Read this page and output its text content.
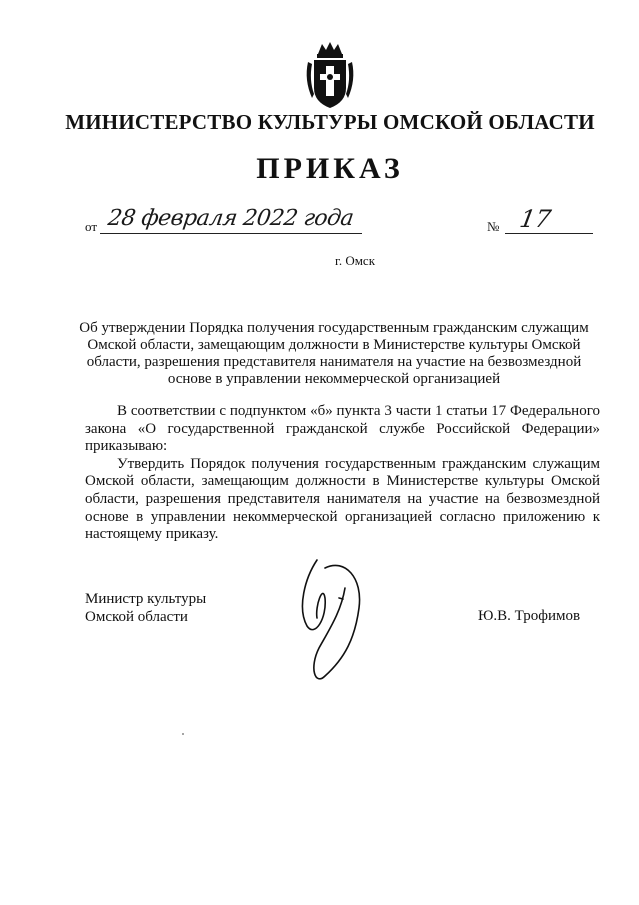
МИНИСТЕРСТВО КУЛЬТУРЫ ОМСКОЙ ОБЛАСТИ
ПРИКАЗ
от 28 февраля 2022 года	№ 17
г. Омск
Об утверждении Порядка получения государственным гражданским служащим Омской области, замещающим должности в Министерстве культуры Омской области, разрешения представителя нанимателя на участие на безвозмездной основе в управлении некоммерческой организацией

В соответствии с подпунктом «б» пункта 3 части 1 статьи 17 Федерального закона «О государственной гражданской службе Российской Федерации» приказываю:

Утвердить Порядок получения государственным гражданским служащим Омской области, замещающим должности в Министерстве культуры Омской области, разрешения представителя нанимателя на участие на безвозмездной основе в управлении некоммерческой организацией согласно приложению к настоящему приказу.

Министр культуры
Омской области	Ю.В. Трофимов
